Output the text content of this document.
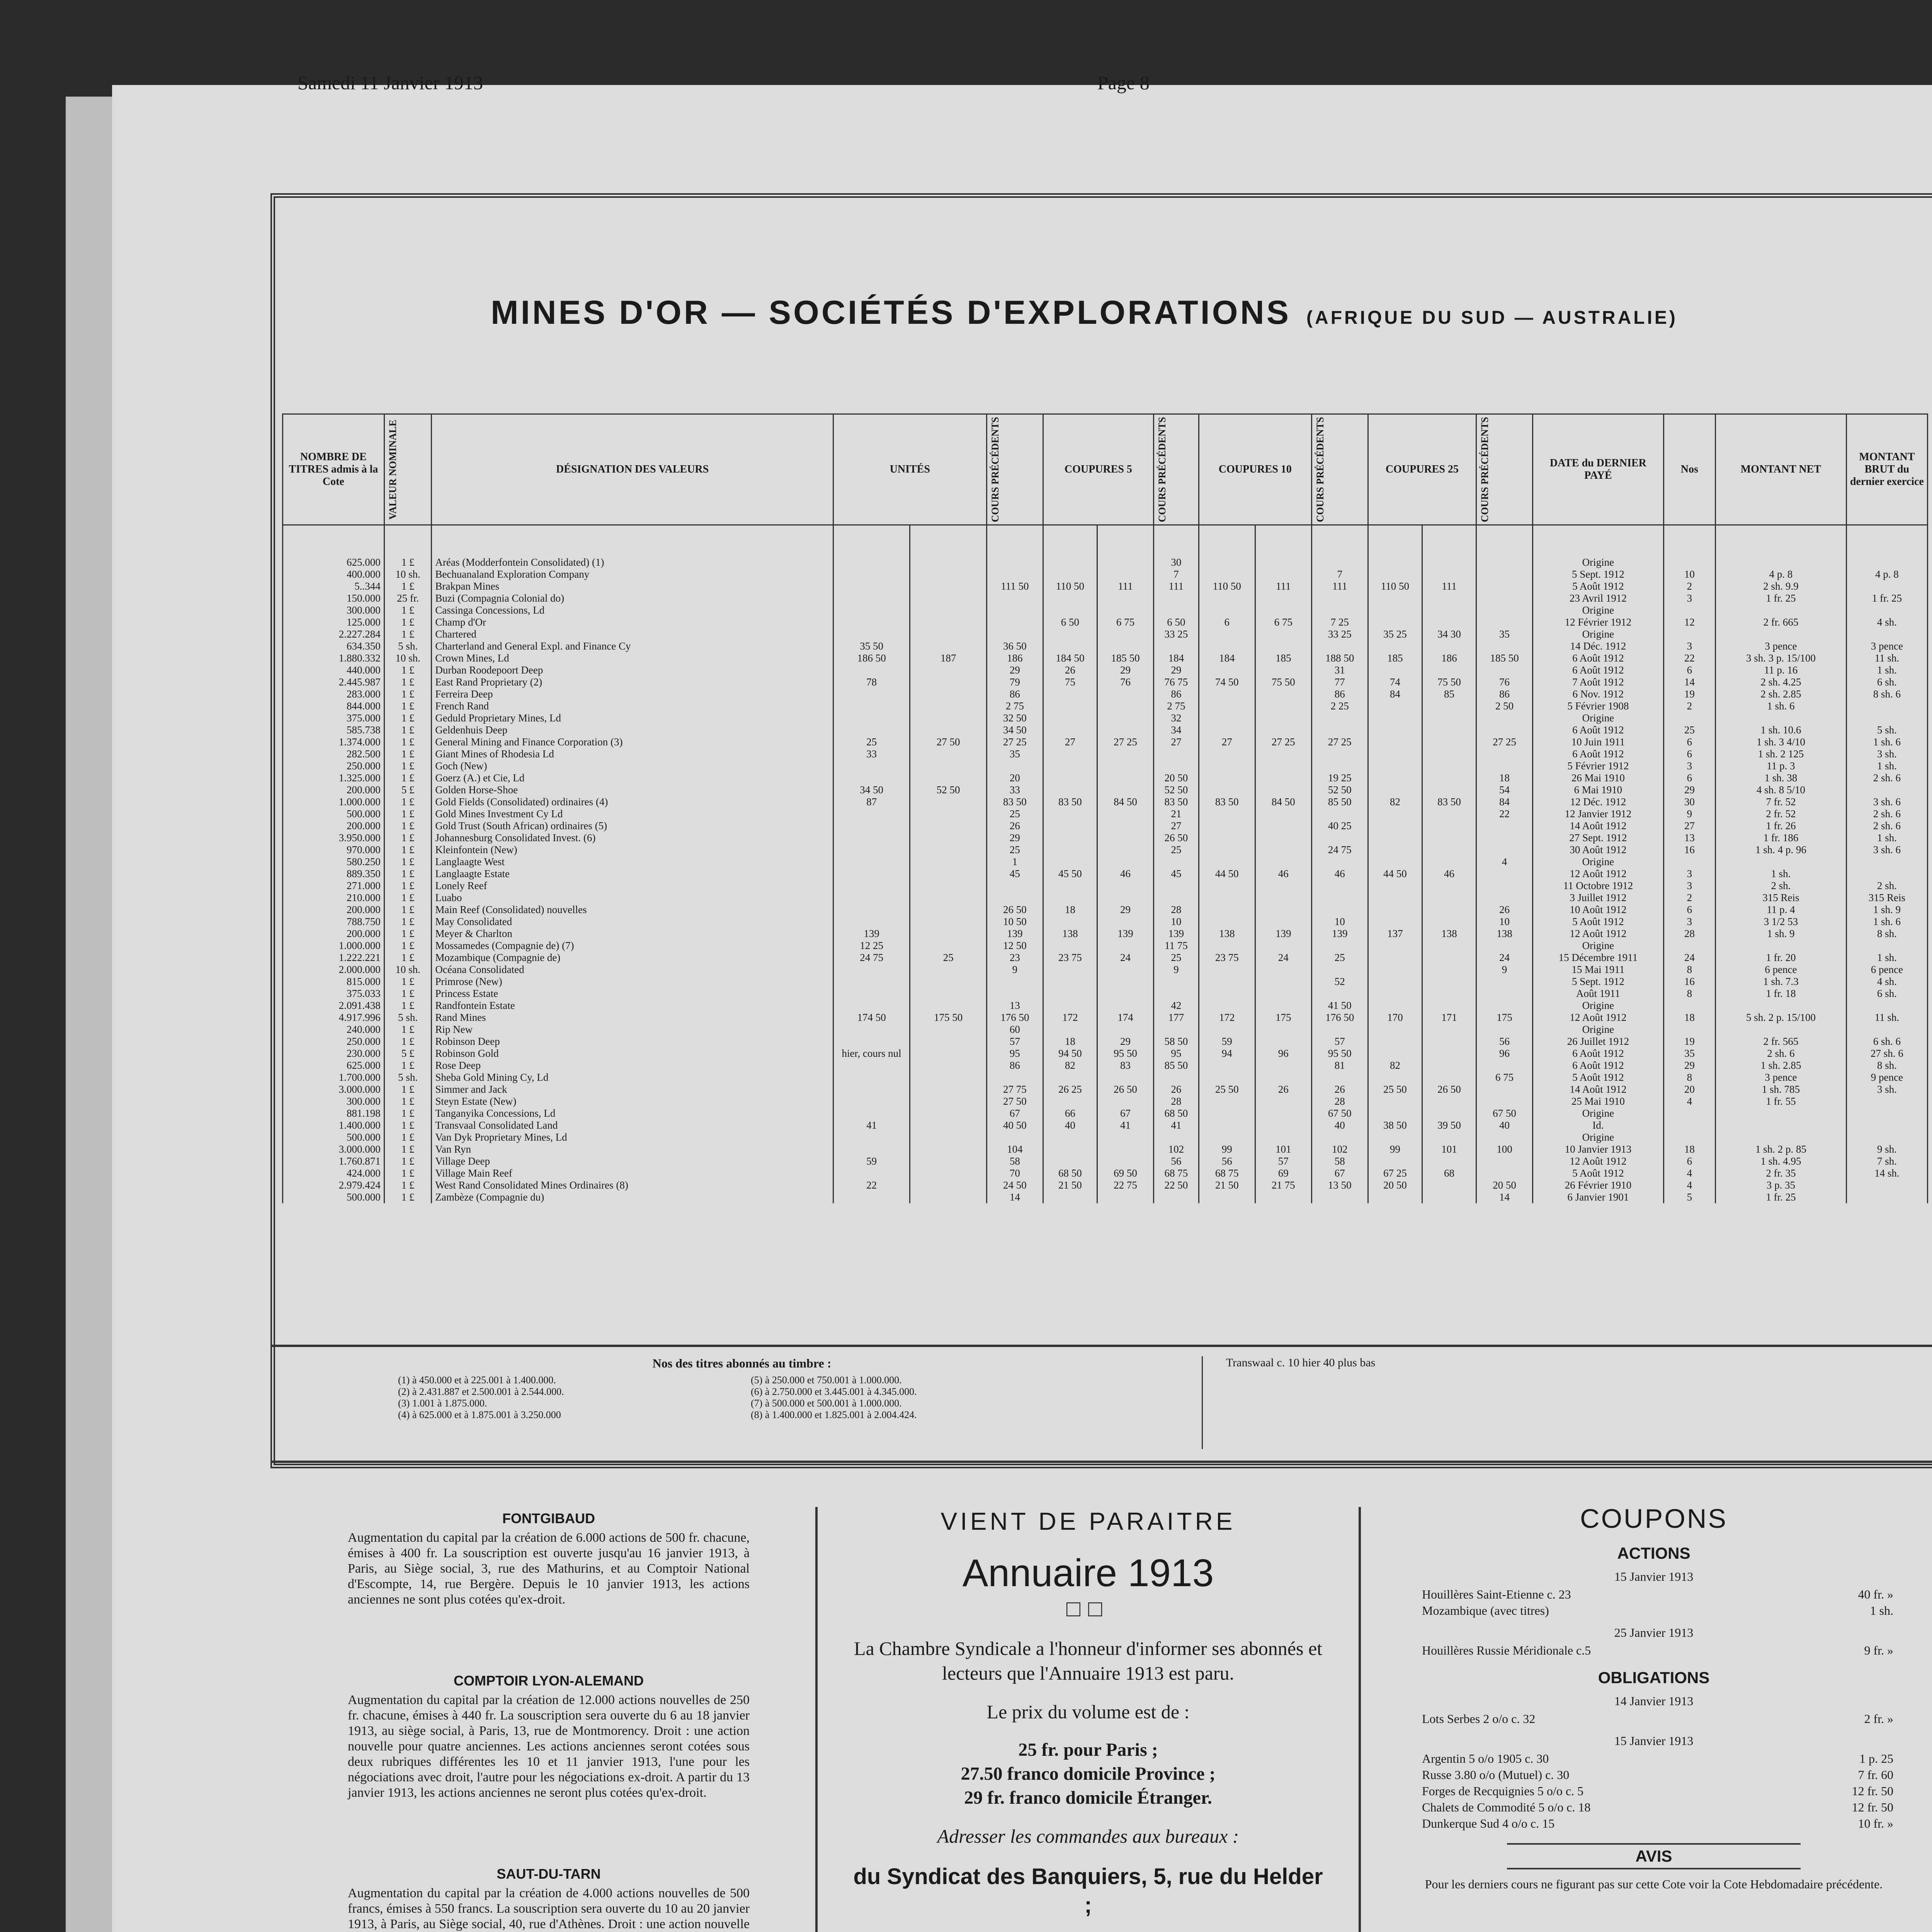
Samedi 11 Janvier 1913	Page 8
MINES D'OR — SOCIÉTÉS D'EXPLORATIONS (AFRIQUE DU SUD — AUSTRALIE)
NOMBRE DE TITRES admis à la Cote	VALEUR NOMINALE	DÉSIGNATION DES VALEURS	UNITÉS		COURS PRÉCÉDENTS	COUPURES 5		COURS PRÉCÉDENTS	COUPURES 10		COURS PRÉCÉDENTS	COUPURES 25		COURS PRÉCÉDENTS	DATE du DERNIER PAYÉ	Nos	MONTANT NET	MONTANT BRUT du dernier exercice
625.000	1 £	Aréas (Modderfontein Consolidated) (1)							30									Origine			
400.000	10 sh.	Bechuanaland Exploration Company							7				7					5 Sept. 1912	10	4 p. 8	4 p. 8
5..344	1 £	Brakpan Mines			111 50	110 50	111		111	110 50	111		111	110 50	111			5 Août 1912	2	2 sh. 9.9	
150.000	25 fr.	Buzi (Compagnia Colonial do)																23 Avril 1912	3	1 fr. 25	1 fr. 25
300.000	1 £	Cassinga Concessions, Ld																Origine			
125.000	1 £	Champ d'Or				6 50	6 75		6 50	6	6 75		7 25					12 Février 1912	12	2 fr. 665	4 sh.
2.227.284	1 £	Chartered							33 25				33 25	35 25	34 30		35	Origine			
634.350	5 sh.	Charterland and General Expl. and Finance Cy	35 50		36 50													14 Déc. 1912	3	3 pence	3 pence
1.880.332	10 sh.	Crown Mines, Ld	186 50	187	186	184 50	185 50		184	184	185		188 50	185	186		185 50	6 Août 1912	22	3 sh. 3 p. 15/100	11 sh.
440.000	1 £	Durban Roodepoort Deep			29	26	29		29				31					6 Août 1912	6	11 p. 16	1 sh.
2.445.987	1 £	East Rand Proprietary (2)	78		79	75	76		76 75	74 50	75 50		77	74	75 50		76	7 Août 1912	14	2 sh. 4.25	6 sh.
283.000	1 £	Ferreira Deep			86				86				86	84	85		86	6 Nov. 1912	19	2 sh. 2.85	8 sh. 6
844.000	1 £	French Rand			2 75				2 75				2 25				2 50	5 Février 1908	2	1 sh. 6	
375.000	1 £	Geduld Proprietary Mines, Ld			32 50				32									Origine			
585.738	1 £	Geldenhuis Deep			34 50				34									6 Août 1912	25	1 sh. 10.6	5 sh.
1.374.000	1 £	General Mining and Finance Corporation (3)	25	27 50	27 25	27	27 25		27	27	27 25		27 25				27 25	10 Juin 1911	6	1 sh. 3 4/10	1 sh. 6
282.500	1 £	Giant Mines of Rhodesia Ld	33		35													6 Août 1912	6	1 sh. 2 125	3 sh.
250.000	1 £	Goch (New)																5 Février 1912	3	11 p. 3	1 sh.
1.325.000	1 £	Goerz (A.) et Cie, Ld			20				20 50				19 25				18	26 Mai 1910	6	1 sh. 38	2 sh. 6
200.000	5 £	Golden Horse-Shoe	34 50	52 50	33				52 50				52 50				54	6 Mai 1910	29	4 sh. 8 5/10	
1.000.000	1 £	Gold Fields (Consolidated) ordinaires (4)	87		83 50	83 50	84 50		83 50	83 50	84 50		85 50	82	83 50		84	12 Déc. 1912	30	7 fr. 52	3 sh. 6
500.000	1 £	Gold Mines Investment Cy Ld			25				21								22	12 Janvier 1912	9	2 fr. 52	2 sh. 6
200.000	1 £	Gold Trust (South African) ordinaires (5)			26				27				40 25					14 Août 1912	27	1 fr. 26	2 sh. 6
3.950.000	1 £	Johannesburg Consolidated Invest. (6)			29				26 50									27 Sept. 1912	13	1 fr. 186	1 sh.
970.000	1 £	Kleinfontein (New)			25				25				24 75					30 Août 1912	16	1 sh. 4 p. 96	3 sh. 6
580.250	1 £	Langlaagte West			1												4	Origine			
889.350	1 £	Langlaagte Estate			45	45 50	46		45	44 50	46		46	44 50	46			12 Août 1912	3	1 sh.	
271.000	1 £	Lonely Reef																11 Octobre 1912	3	2 sh.	2 sh.
210.000	1 £	Luabo																3 Juillet 1912	2	315 Reis	315 Reis
200.000	1 £	Main Reef (Consolidated) nouvelles			26 50	18	29		28								26	10 Août 1912	6	11 p. 4	1 sh. 9
788.750	1 £	May Consolidated			10 50				10				10				10	5 Août 1912	3	3 1/2 53	1 sh. 6
200.000	1 £	Meyer & Charlton	139		139	138	139		139	138	139		139	137	138		138	12 Août 1912	28	1 sh. 9	8 sh.
1.000.000	1 £	Mossamedes (Compagnie de) (7)	12 25		12 50				11 75									Origine			
1.222.221	1 £	Mozambique (Compagnie de)	24 75	25	23	23 75	24		25	23 75	24		25				24	15 Décembre 1911	24	1 fr. 20	1 sh.
2.000.000	10 sh.	Océana Consolidated			9				9								9	15 Mai 1911	8	6 pence	6 pence
815.000	1 £	Primrose (New)											52					5 Sept. 1912	16	1 sh. 7.3	4 sh.
375.033	1 £	Princess Estate																Août 1911	8	1 fr. 18	6 sh.
2.091.438	1 £	Randfontein Estate			13				42				41 50					Origine			
4.917.996	5 sh.	Rand Mines	174 50	175 50	176 50	172	174		177	172	175		176 50	170	171		175	12 Août 1912	18	5 sh. 2 p. 15/100	11 sh.
240.000	1 £	Rip New			60													Origine			
250.000	1 £	Robinson Deep			57	18	29		58 50	59			57				56	26 Juillet 1912	19	2 fr. 565	6 sh. 6
230.000	5 £	Robinson Gold	hier, cours nul		95	94 50	95 50		95	94	96		95 50				96	6 Août 1912	35	2 sh. 6	27 sh. 6
625.000	1 £	Rose Deep			86	82	83		85 50				81	82				6 Août 1912	29	1 sh. 2.85	8 sh.
1.700.000	5 sh.	Sheba Gold Mining Cy, Ld															6 75	5 Août 1912	8	3 pence	9 pence
3.000.000	1 £	Simmer and Jack			27 75	26 25	26 50		26	25 50	26		26	25 50	26 50			14 Août 1912	20	1 sh. 785	3 sh.
300.000	1 £	Steyn Estate (New)			27 50				28				28					25 Mai 1910	4	1 fr. 55	
881.198	1 £	Tanganyika Concessions, Ld			67	66	67		68 50				67 50				67 50	Origine			
1.400.000	1 £	Transvaal Consolidated Land	41		40 50	40	41		41				40	38 50	39 50		40	Id.			
500.000	1 £	Van Dyk Proprietary Mines, Ld																Origine			
3.000.000	1 £	Van Ryn			104				102	99	101		102	99	101		100	10 Janvier 1913	18	1 sh. 2 p. 85	9 sh.
1.760.871	1 £	Village Deep	59		58				56	56	57		58					12 Août 1912	6	1 sh. 4.95	7 sh.
424.000	1 £	Village Main Reef			70	68 50	69 50		68 75	68 75	69		67	67 25	68			5 Août 1912	4	2 fr. 35	14 sh.
2.979.424	1 £	West Rand Consolidated Mines Ordinaires (8)	22		24 50	21 50	22 75		22 50	21 50	21 75		13 50	20 50			20 50	26 Février 1910	4	3 p. 35	
500.000	1 £	Zambèze (Compagnie du)			14												14	6 Janvier 1901	5	1 fr. 25	
Nos des titres abonnés au timbre :
(1) à 450.000 et à 225.001 à 1.400.000.
(2) à 2.431.887 et 2.500.001 à 2.544.000.
(3) 1.001 à 1.875.000.
(4) à 625.000 et à 1.875.001 à 3.250.000
(5) à 250.000 et 750.001 à 1.000.000.
(6) à 2.750.000 et 3.445.001 à 4.345.000.
(7) à 500.000 et 500.001 à 1.000.000.
(8) à 1.400.000 et 1.825.001 à 2.004.424.
Transwaal c. 10 hier 40 plus bas
FONTGIBAUD

Augmentation du capital par la création de 6.000 actions de 500 fr. chacune, émises à 400 fr. La souscription est ouverte jusqu'au 16 janvier 1913, à Paris, au Siège social, 3, rue des Mathurins, et au Comptoir National d'Escompte, 14, rue Bergère. Depuis le 10 janvier 1913, les actions anciennes ne sont plus cotées qu'ex-droit.

COMPTOIR LYON-ALEMAND

Augmentation du capital par la création de 12.000 actions nouvelles de 250 fr. chacune, émises à 440 fr. La souscription sera ouverte du 6 au 18 janvier 1913, au siège social, à Paris, 13, rue de Montmorency. Droit : une action nouvelle pour quatre anciennes. Les actions anciennes seront cotées sous deux rubriques différentes les 10 et 11 janvier 1913, l'une pour les négociations avec droit, l'autre pour les négociations ex-droit. A partir du 13 janvier 1913, les actions anciennes ne seront plus cotées qu'ex-droit.

SAUT-DU-TARN

Augmentation du capital par la création de 4.000 actions nouvelles de 500 francs, émises à 550 francs. La souscription sera ouverte du 10 au 20 janvier 1913, à Paris, au Siège social, 40, rue d'Athènes. Droit : une action nouvelle

VIENT DE PARAITRE
Annuaire 1913
□□

La Chambre Syndicale a l'honneur d'informer ses abonnés et lecteurs que l'Annuaire 1913 est paru.

Le prix du volume est de :

25 fr. pour Paris ;
27.50 franco domicile Province ;
29 fr. franco domicile Étranger.

Adresser les commandes aux bureaux :

du Syndicat des Banquiers, 5, rue du Helder ;
COUPONS
ACTIONS
15 Janvier 1913
Houillères Saint-Etienne c. 23	40 fr. »
Mozambique (avec titres)	1 sh.
25 Janvier 1913
Houillères Russie Méridionale c.5	9 fr. »
OBLIGATIONS
14 Janvier 1913
Lots Serbes 2 o/o c. 32	2 fr. »
15 Janvier 1913
Argentin 5 o/o 1905 c. 30	1 p. 25
Russe 3.80 o/o (Mutuel) c. 30	7 fr. 60
Forges de Recquignies 5 o/o c. 5	12 fr. 50
Chalets de Commodité 5 o/o c. 18	12 fr. 50
Dunkerque Sud 4 o/o c. 15	10 fr. »
AVIS
Pour les derniers cours ne figurant pas sur cette Cote voir la Cote Hebdomadaire précédente.
